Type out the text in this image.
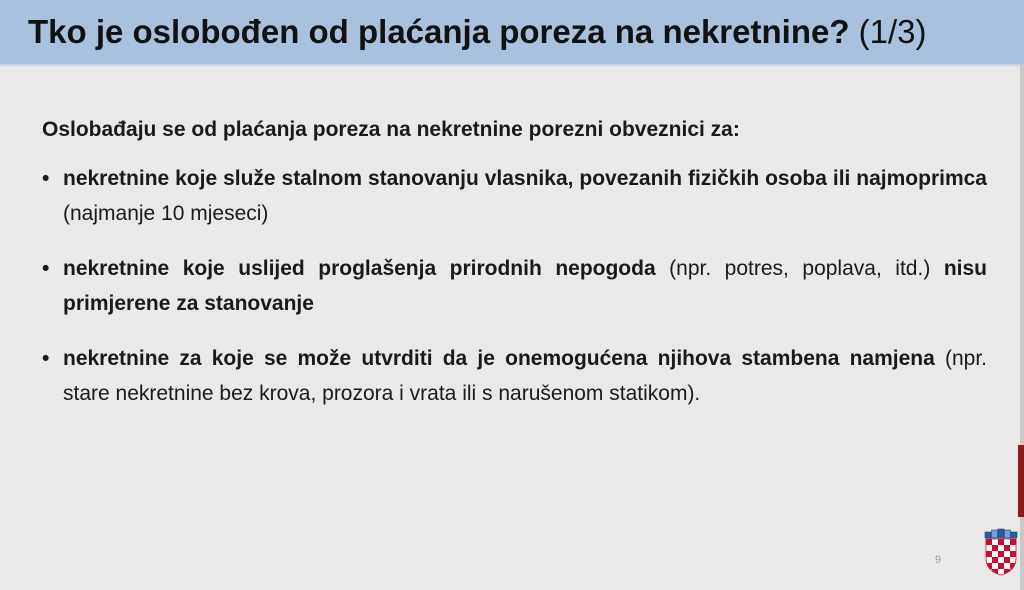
Tko je oslobođen od plaćanja poreza na nekretnine? (1/3)

Oslobađaju se od plaćanja poreza na nekretnine porezni obveznici za:

• nekretnine koje služe stalnom stanovanju vlasnika, povezanih fizičkih osoba ili najmoprimca (najmanje 10 mjeseci)
• nekretnine koje uslijed proglašenja prirodnih nepogoda (npr. potres, poplava, itd.) nisu primjerene za stanovanje
• nekretnine za koje se može utvrditi da je onemogućena njihova stambena namjena (npr. stare nekretnine bez krova, prozora i vrata ili s narušenom statikom).
9
